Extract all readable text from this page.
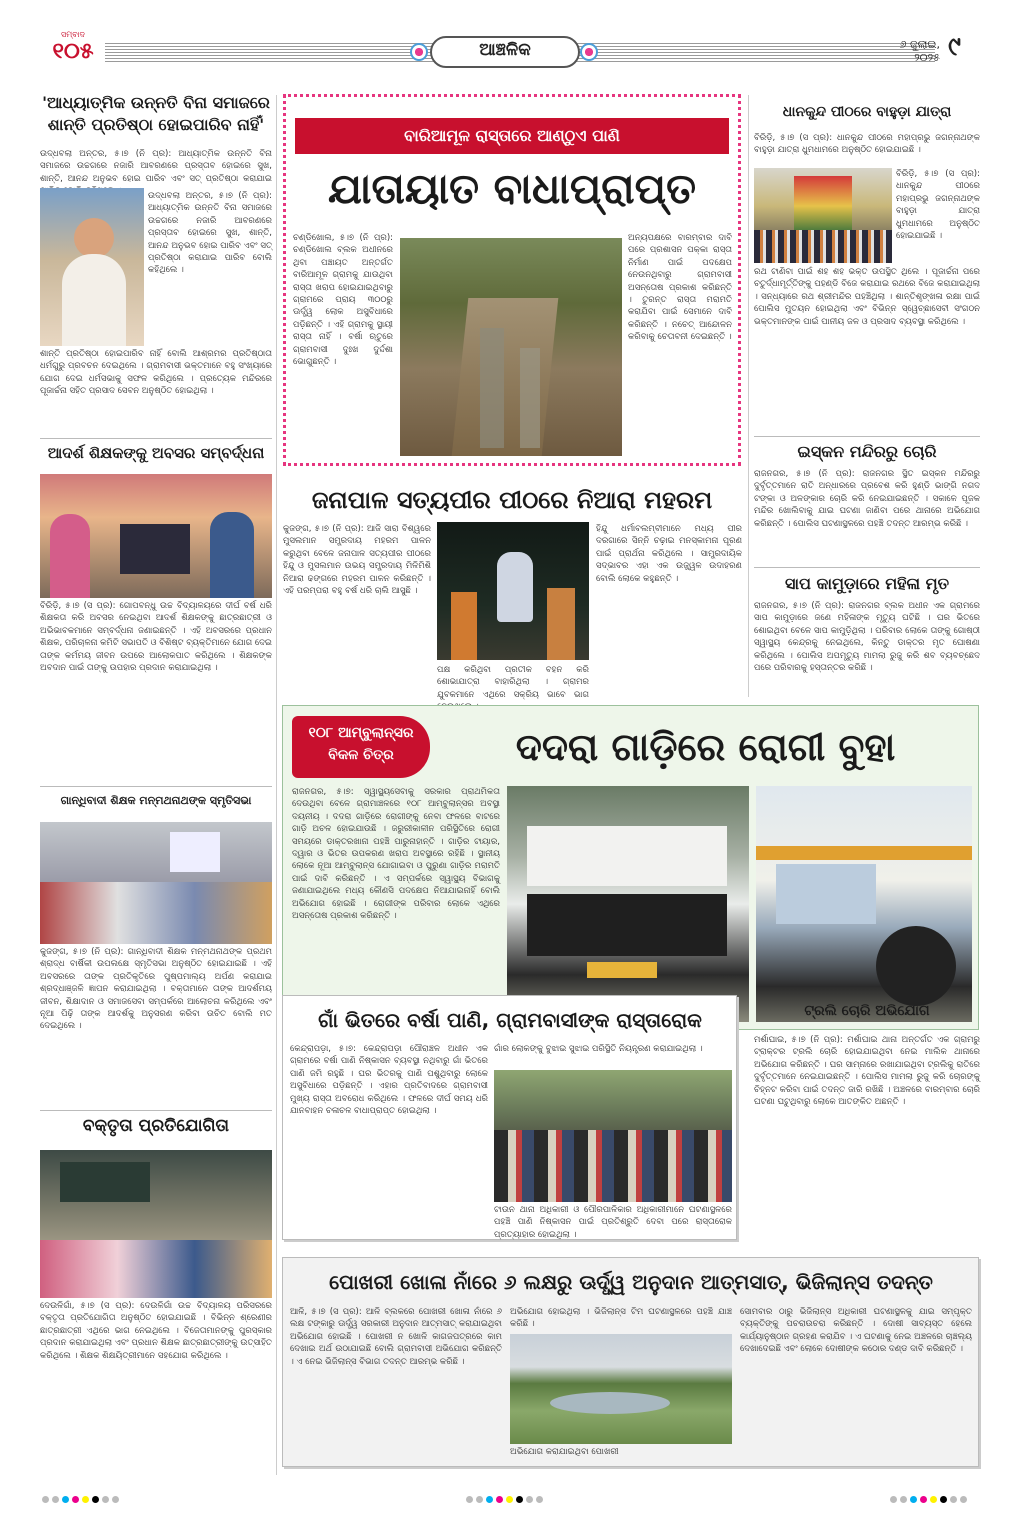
ସମ୍ବାଦ
୧୦୫	ଆଞ୍ଚଳିକ	୬ ଜୁଲାଇ,
୨୦୨୫ ୯
'ଆଧ୍ୟାତ୍ମିକ ଉନ୍ନତି ବିନା ସମାଜରେ ଶାନ୍ତି ପ୍ରତିଷ୍ଠା ହୋଇପାରିବ ନାହିଁ'
ଉଦ୍ଧବଲା ଅନ୍ତର, ୫।୭ (ନି ପ୍ର): ଆଧ୍ୟାତ୍ମିକ ଉନ୍ନତି ବିନା ସମାଜରେ ଉଚ୍ଚଗରେ ନଜାରି ଆବରଣରେ ପ୍ରସ୍ତାବ ହୋଇରେ ସୁଖ, ଶାନ୍ତି, ଆନନ୍ଦ ଅନୁଭବ ହୋଇ ପାରିବ ଏବଂ ସତ୍ ପ୍ରତିଷ୍ଠା କରାଯାଇ
ଉଦ୍ଧବଲା ଅନ୍ତର, ୫।୭ (ନି ପ୍ର): ଆଧ୍ୟାତ୍ମିକ ଉନ୍ନତି ବିନା ସମାଜରେ ଉଚ୍ଚଗରେ ନଜାରି ଆବରଣରେ ପ୍ରସ୍ତାବ ହୋଇରେ ସୁଖ, ଶାନ୍ତି, ଆନନ୍ଦ ଅନୁଭବ ହୋଇ ପାରିବ ଏବଂ ସତ୍ ପ୍ରତିଷ୍ଠା କରାଯାଇ ପାରିବ ବୋଲି କହିଥିଲେ ।
ଶାନ୍ତି ପ୍ରତିଷ୍ଠା ହୋଇପାରିବ ନାହିଁ ବୋଲି ଆଶ୍ରମର ପ୍ରତିଷ୍ଠାତା ଧର୍ମଗୁରୁ ପ୍ରବଚନ ଦେଇଥିଲେ । ଗ୍ରାମବାସୀ ଭକ୍ତମାନେ ବହୁ ସଂଖ୍ୟାରେ ଯୋଗ ଦେଇ ଧର୍ମସଭାକୁ ସଫଳ କରିଥିଲେ । ପ୍ରତ୍ୟେକ ମନ୍ଦିରରେ ପୂଜାର୍ଚ୍ଚନା ସହିତ ପ୍ରସାଦ ସେବନ ଅନୁଷ୍ଠିତ ହୋଇଥିଲା ।
ଆଦର୍ଶ ଶିକ୍ଷକଙ୍କୁ ଅବସର ସମ୍ବର୍ଦ୍ଧନା
ବିରିଡ଼ି, ୫।୭ (ସ ପ୍ର): ଗୋପବନ୍ଧୁ ଉଚ୍ଚ ବିଦ୍ୟାଳୟରେ ଦୀର୍ଘ ବର୍ଷ ଧରି ଶିକ୍ଷକତା କରି ଅବସର ନେଇଥିବା ଆଦର୍ଶ ଶିକ୍ଷକଙ୍କୁ ଛାତ୍ରଛାତ୍ରୀ ଓ ଅଭିଭାବକମାନେ ସମ୍ବର୍ଦ୍ଧନା ଜଣାଇଛନ୍ତି । ଏହି ଅବସରରେ ପ୍ରଧାନ ଶିକ୍ଷକ, ପରିଚାଳନା କମିଟି ସଭାପତି ଓ ବିଶିଷ୍ଟ ବ୍ୟକ୍ତିମାନେ ଯୋଗ ଦେଇ ତାଙ୍କ କର୍ମମୟ ଜୀବନ ଉପରେ ଆଲୋକପାତ କରିଥିଲେ । ଶିକ୍ଷକଙ୍କ ଅବଦାନ ପାଇଁ ତାଙ୍କୁ ଉପହାର ପ୍ରଦାନ କରାଯାଇଥିଲା ।
ଗାନ୍ଧିବାଦୀ ଶିକ୍ଷକ ମନ୍ମଥନାଥଙ୍କ ସ୍ମୃତିସଭା
କୁଜଙ୍ଗ, ୫।୭ (ନି ପ୍ର): ଗାନ୍ଧିବାଦୀ ଶିକ୍ଷକ ମନ୍ମଥନାଥଙ୍କ ପ୍ରଥମ ଶ୍ରାଦ୍ଧ ବାର୍ଷିକୀ ଉପଲକ୍ଷେ ସ୍ମୃତିସଭା ଅନୁଷ୍ଠିତ ହୋଇଯାଇଛି । ଏହି ଅବସରରେ ତାଙ୍କ ପ୍ରତିକୃତିରେ ପୁଷ୍ପମାଲ୍ୟ ଅର୍ପଣ କରାଯାଇ ଶ୍ରଦ୍ଧାଞ୍ଜଳି ଜ୍ଞାପନ କରାଯାଇଥିଲା । ବକ୍ତାମାନେ ତାଙ୍କ ଆଦର୍ଶମୟ ଜୀବନ, ଶିକ୍ଷାଦାନ ଓ ସମାଜସେବା ସମ୍ପର୍କରେ ଆଲୋଚନା କରିଥିଲେ ଏବଂ ନୂଆ ପିଢ଼ି ତାଙ୍କ ଆଦର୍ଶକୁ ଅନୁସରଣ କରିବା ଉଚିତ ବୋଲି ମତ ଦେଇଥିଲେ ।
ବକ୍ତୃତା ପ୍ରତିଯୋଗିତା
ଦେଉଳିଗାଁ, ୫।୭ (ସ ପ୍ର): ଦେଉଳିଗାଁ ଉଚ୍ଚ ବିଦ୍ୟାଳୟ ପରିସରରେ ବକ୍ତୃତା ପ୍ରତିଯୋଗିତା ଅନୁଷ୍ଠିତ ହୋଇଯାଇଛି । ବିଭିନ୍ନ ଶ୍ରେଣୀର ଛାତ୍ରଛାତ୍ରୀ ଏଥିରେ ଭାଗ ନେଇଥିଲେ । ବିଜେତାମାନଙ୍କୁ ପୁରସ୍କାର ପ୍ରଦାନ କରାଯାଇଥିଲା ଏବଂ ପ୍ରଧାନ ଶିକ୍ଷକ ଛାତ୍ରଛାତ୍ରୀଙ୍କୁ ଉତ୍ସାହିତ କରିଥିଲେ । ଶିକ୍ଷକ ଶିକ୍ଷୟିତ୍ରୀମାନେ ସହଯୋଗ କରିଥିଲେ ।
ବାରିଆମୂଳ ରାସ୍ତାରେ ଆଣ୍ଠୁଏ ପାଣି
ଯାତାୟାତ ବାଧାପ୍ରାପ୍ତ
ଚଣ୍ଡିଖୋଲ, ୫।୭ (ନି ପ୍ର): ଚଣ୍ଡିଖୋଲ ବ୍ଲକ ଅଧୀନରେ ଥିବା ପଞ୍ଚାୟତ ଅନ୍ତର୍ଗତ ବାରିଆମୂଳ ଗ୍ରାମକୁ ଯାଉଥିବା ରାସ୍ତା ଖରାପ ହୋଇଯାଇଥିବାରୁ ଗ୍ରାମରେ ପ୍ରାୟ ୩୦୦ରୁ ଊର୍ଦ୍ଧ୍ୱ ଲୋକ ଅସୁବିଧାରେ ପଡ଼ିଛନ୍ତି । ଏହି ଗ୍ରାମକୁ ସ୍ଥାୟୀ ରାସ୍ତା ନାହିଁ । ବର୍ଷା ଋତୁରେ ଗ୍ରାମବାସୀ ଦୁଃଖ ଦୁର୍ଦ୍ଦଶା ଭୋଗୁଛନ୍ତି ।
ଅନ୍ୟପକ୍ଷରେ ବାରମ୍ବାର ଦାବି ପରେ ପ୍ରଶାସନ ପକ୍କା ରାସ୍ତା ନିର୍ମାଣ ପାଇଁ ପଦକ୍ଷେପ ନେଉନଥିବାରୁ ଗ୍ରାମବାସୀ ଅସନ୍ତୋଷ ପ୍ରକାଶ କରିଛନ୍ତି । ତୁରନ୍ତ ରାସ୍ତା ମରାମତି କରାଯିବା ପାଇଁ ସେମାନେ ଦାବି କରିଛନ୍ତି । ନଚେତ୍ ଆନ୍ଦୋଳନ କରିବାକୁ ଚେତାବନୀ ଦେଇଛନ୍ତି ।
ଜନାପାଳ ସତ୍ୟପୀର ପୀଠରେ ନିଆରା ମହରମ
କୁଜଙ୍ଗ, ୫।୭ (ନି ପ୍ର): ଆଜି ସାରା ବିଶ୍ୱରେ ମୁସଲମାନ ସମ୍ପ୍ରଦାୟ ମହରମ ପାଳନ କରୁଥିବା ବେଳେ ଜନାପାଳ ସତ୍ୟପୀର ପୀଠରେ ହିନ୍ଦୁ ଓ ମୁସଲମାନ ଉଭୟ ସମ୍ପ୍ରଦାୟ ମିଳିମିଶି ନିଆରା ଢଙ୍ଗରେ ମହରମ ପାଳନ କରିଛନ୍ତି । ଏହି ପରମ୍ପରା ବହୁ ବର୍ଷ ଧରି ଚାଲି ଆସୁଛି ।
ପକ୍ଷ କରିଥିବା ପ୍ରତୀକ ବହନ କରି ଶୋଭାଯାତ୍ରା ବାହାରିଥିଲା । ଗ୍ରାମର ଯୁବକମାନେ ଏଥିରେ ସକ୍ରିୟ ଭାବେ ଭାଗ
ହିନ୍ଦୁ ଧର୍ମାବଲମ୍ବୀମାନେ ମଧ୍ୟ ପୀର ଦରଗାରେ ସିନ୍ନି ଚଢ଼ାଇ ମନସ୍କାମନା ପୂରଣ ପାଇଁ ପ୍ରାର୍ଥନା କରିଥିଲେ । ସାମ୍ପ୍ରଦାୟିକ ସଦ୍ଭାବର ଏହା ଏକ ଉଜ୍ଜ୍ୱଳ ଉଦାହରଣ ବୋଲି ଲୋକେ କହୁଛନ୍ତି ।
ଧାନକୁନ୍ଦ ପୀଠରେ ବାହୁଡ଼ା ଯାତ୍ରା
ବିରିଡ଼ି, ୫।୭ (ସ ପ୍ର): ଧାନକୁନ୍ଦ ପୀଠରେ ମହାପ୍ରଭୁ ଜଗନ୍ନାଥଙ୍କ ବାହୁଡ଼ା ଯାତ୍ରା ଧୁମଧାମରେ ଅନୁଷ୍ଠିତ ହୋଇଯାଇଛି ।
ବିରିଡ଼ି, ୫।୭ (ସ ପ୍ର): ଧାନକୁନ୍ଦ ପୀଠରେ ମହାପ୍ରଭୁ ଜଗନ୍ନାଥଙ୍କ ବାହୁଡ଼ା ଯାତ୍ରା ଧୁମଧାମରେ ଅନୁଷ୍ଠିତ ହୋଇଯାଇଛି ।
ରଥ ଟାଣିବା ପାଇଁ ଶହ ଶହ ଭକ୍ତ ଉପସ୍ଥିତ ଥିଲେ । ପୂଜାର୍ଚ୍ଚନା ପରେ ଚତୁର୍ଦ୍ଧାମୂର୍ତ୍ତିଙ୍କୁ ପହଣ୍ଡି ବିଜେ କରାଯାଇ ରଥରେ ବିଜେ କରାଯାଇଥିଲା । ସନ୍ଧ୍ୟାରେ ରଥ ଶ୍ରୀମନ୍ଦିର ପହଞ୍ଚିଥିଲା । ଶାନ୍ତିଶୃଙ୍ଖଳା ରକ୍ଷା ପାଇଁ ପୋଲିସ ମୁତୟନ ହୋଇଥିଲା ଏବଂ ବିଭିନ୍ନ ସ୍ୱେଚ୍ଛାସେବୀ ସଂଗଠନ ଭକ୍ତମାନଙ୍କ ପାଇଁ ପାନୀୟ ଜଳ ଓ ପ୍ରସାଦ ବ୍ୟବସ୍ଥା କରିଥିଲେ ।
ଇସ୍କନ ମନ୍ଦିରରୁ ଚୋରି
ରାଜନଗର, ୫।୭ (ନି ପ୍ର): ରାଜନଗର ସ୍ଥିତ ଇସ୍କନ ମନ୍ଦିରରୁ ଦୁର୍ବୃତ୍ତମାନେ ରାତି ଅନ୍ଧାରରେ ପ୍ରବେଶ କରି ହୁଣ୍ଡି ଭାଙ୍ଗି ନଗଦ ଟଙ୍କା ଓ ଅଳଙ୍କାର ଚୋରି କରି ନେଇଯାଇଛନ୍ତି । ସକାଳେ ପୂଜକ ମନ୍ଦିର ଖୋଲିବାକୁ ଯାଇ ଘଟଣା ଜାଣିବା ପରେ ଥାନାରେ ଅଭିଯୋଗ କରିଛନ୍ତି । ପୋଲିସ ଘଟଣାସ୍ଥଳରେ ପହଞ୍ଚି ତଦନ୍ତ ଆରମ୍ଭ କରିଛି ।
ସାପ କାମୁଡ଼ାରେ ମହିଳା ମୃତ
ରାଜନଗର, ୫।୭ (ନି ପ୍ର): ରାଜନଗର ବ୍ଲକ ଅଧୀନ ଏକ ଗ୍ରାମରେ ସାପ କାମୁଡ଼ାରେ ଜଣେ ମହିଳାଙ୍କ ମୃତ୍ୟୁ ଘଟିଛି । ଘର ଭିତରେ ଶୋଇଥିବା ବେଳେ ସାପ କାମୁଡ଼ିଥିଲା । ପରିବାର ଲୋକେ ତାଙ୍କୁ ଗୋଷ୍ଠୀ ସ୍ୱାସ୍ଥ୍ୟ କେନ୍ଦ୍ରକୁ ନେଇଥିଲେ, କିନ୍ତୁ ଡାକ୍ତର ମୃତ ଘୋଷଣା କରିଥିଲେ । ପୋଲିସ ଅପମୃତ୍ୟୁ ମାମଲା ରୁଜୁ କରି ଶବ ବ୍ୟବଚ୍ଛେଦ ପରେ ପରିବାରକୁ ହସ୍ତାନ୍ତର କରିଛି ।
୧୦୮ ଆମ୍ବୁଲାନ୍ସର
ବିକଳ ଚିତ୍ର	ଦଦରା ଗାଡ଼ିରେ ରୋଗୀ ବୁହା
ରାଜନଗର, ୫।୭: ସ୍ୱାସ୍ଥ୍ୟସେବାକୁ ସରକାର ପ୍ରାଥମିକତା ଦେଉଥିବା ବେଳେ ଗ୍ରାମାଞ୍ଚଳରେ ୧୦୮ ଆମ୍ବୁଲାନ୍ସର ଅବସ୍ଥା ଦୟନୀୟ । ଦଦରା ଗାଡ଼ିରେ ରୋଗୀଙ୍କୁ ନେବା ଫଳରେ ବାଟରେ ଗାଡ଼ି ଅଚଳ ହୋଇଯାଉଛି । ଜରୁରୀକାଳୀନ ପରିସ୍ଥିତିରେ ରୋଗୀ ସମୟରେ ଡାକ୍ତରଖାନା ପହଞ୍ଚି ପାରୁନାହାନ୍ତି । ଗାଡ଼ିର ଟାୟାର, ଦ୍ୱାର ଓ ଭିତର ଉପକରଣ ଖରାପ ଅବସ୍ଥାରେ ରହିଛି । ସ୍ଥାନୀୟ ଲୋକେ ନୂଆ ଆମ୍ବୁଲାନ୍ସ ଯୋଗାଇବା ଓ ପୁରୁଣା ଗାଡ଼ିର ମରାମତି ପାଇଁ ଦାବି କରିଛନ୍ତି । ଏ ସମ୍ପର୍କରେ ସ୍ୱାସ୍ଥ୍ୟ ବିଭାଗକୁ ଜଣାଯାଇଥିଲେ ମଧ୍ୟ କୌଣସି ପଦକ୍ଷେପ ନିଆଯାଇନାହିଁ ବୋଲି ଅଭିଯୋଗ ହୋଇଛି । ରୋଗୀଙ୍କ ପରିବାର ଲୋକେ ଏଥିରେ ଅସନ୍ତୋଷ ପ୍ରକାଶ କରିଛନ୍ତି ।
ଗାଁ ଭିତରେ ବର୍ଷା ପାଣି, ଗ୍ରାମବାସୀଙ୍କ ରାସ୍ତାରୋକ
କେନ୍ଦ୍ରାପଡ଼ା, ୫।୭: କେନ୍ଦ୍ରାପଡ଼ା ପୌରାଞ୍ଚଳ ଅଧୀନ ଏକ ଗ୍ରାମରେ ବର୍ଷା ପାଣି ନିଷ୍କାସନ ବ୍ୟବସ୍ଥା ନଥିବାରୁ ଗାଁ ଭିତରେ ପାଣି ଜମି ରହୁଛି । ଘର ଭିତରକୁ ପାଣି ପଶୁଥିବାରୁ ଲୋକେ ଅସୁବିଧାରେ ପଡ଼ିଛନ୍ତି । ଏହାର ପ୍ରତିବାଦରେ ଗ୍ରାମବାସୀ ମୁଖ୍ୟ ରାସ୍ତା ଅବରୋଧ କରିଥିଲେ । ଫଳରେ ଦୀର୍ଘ ସମୟ ଧରି ଯାନବାହନ ଚଳାଚଳ ବାଧାପ୍ରାପ୍ତ ହୋଇଥିଲା ।
ଗାଁର ଲୋକଙ୍କୁ ବୁଝାଇ ସୁଝାଇ ପରିସ୍ଥିତି ନିୟନ୍ତ୍ରଣ କରାଯାଇଥିଲା ।
ଟାଉନ ଥାନା ଅଧିକାରୀ ଓ ପୌରପାଳିକାର ଅଧିକାରୀମାନେ ଘଟଣାସ୍ଥଳରେ ପହଞ୍ଚି ପାଣି ନିଷ୍କାସନ ପାଇଁ ପ୍ରତିଶ୍ରୁତି ଦେବା ପରେ ରାସ୍ତାରୋକ ପ୍ରତ୍ୟାହାର ହୋଇଥିଲା ।
ଟ୍ରଲି ଚୋରି ଅଭିଯୋଗ
ମର୍ଶାଘାଇ, ୫।୭ (ନି ପ୍ର): ମର୍ଶାଘାଇ ଥାନା ଅନ୍ତର୍ଗତ ଏକ ଗ୍ରାମରୁ ଟ୍ରାକ୍ଟର ଟ୍ରଲି ଚୋରି ହୋଇଯାଇଥିବା ନେଇ ମାଲିକ ଥାନାରେ ଅଭିଯୋଗ କରିଛନ୍ତି । ଘର ସାମ୍ନାରେ ରଖାଯାଇଥିବା ଟ୍ରଲିକୁ ରାତିରେ ଦୁର୍ବୃତ୍ତମାନେ ନେଇଯାଇଛନ୍ତି । ପୋଲିସ ମାମଲା ରୁଜୁ କରି ଚୋରଙ୍କୁ ଚିହ୍ନଟ କରିବା ପାଇଁ ତଦନ୍ତ ଜାରି ରଖିଛି । ଅଞ୍ଚଳରେ ବାରମ୍ବାର ଚୋରି ଘଟଣା ଘଟୁଥିବାରୁ ଲୋକେ ଆତଙ୍କିତ ଅଛନ୍ତି ।
ପୋଖରୀ ଖୋଳା ନାଁରେ ୬ ଲକ୍ଷରୁ ଊର୍ଦ୍ଧ୍ୱ ଅନୁଦାନ ଆତ୍ମସାତ୍, ଭିଜିଲାନ୍ସ ତଦନ୍ତ
ଆଳି, ୫।୭ (ସ ପ୍ର): ଆଳି ବ୍ଲକରେ ପୋଖରୀ ଖୋଳା ନାଁରେ ୬ ଲକ୍ଷ ଟଙ୍କାରୁ ଊର୍ଦ୍ଧ୍ୱ ସରକାରୀ ଅନୁଦାନ ଆତ୍ମସାତ୍ କରାଯାଇଥିବା ଅଭିଯୋଗ ହୋଇଛି । ପୋଖରୀ ନ ଖୋଳି କାଗଜପତ୍ରରେ କାମ ଦେଖାଇ ଅର୍ଥ ଉଠାଯାଇଛି ବୋଲି ଗ୍ରାମବାସୀ ଅଭିଯୋଗ କରିଛନ୍ତି । ଏ ନେଇ ଭିଜିଲାନ୍ସ ବିଭାଗ ତଦନ୍ତ ଆରମ୍ଭ କରିଛି ।
ଅଭିଯୋଗ ହୋଇଥିଲା । ଭିଜିଲାନ୍ସ ଟିମ ଘଟଣାସ୍ଥଳରେ ପହଞ୍ଚି ଯାଞ୍ଚ କରିଛି ।
ଅଭିଯୋଗ କରାଯାଇଥିବା ପୋଖରୀ
ସୋମବାର ଠାରୁ ଭିଜିଲାନ୍ସ ଅଧିକାରୀ ଘଟଣାସ୍ଥଳକୁ ଯାଇ ସମ୍ପୃକ୍ତ ବ୍ୟକ୍ତିଙ୍କୁ ପଚରାଉଚରା କରିଛନ୍ତି । ଦୋଷୀ ସାବ୍ୟସ୍ତ ହେଲେ କାର୍ଯ୍ୟାନୁଷ୍ଠାନ ଗ୍ରହଣ କରାଯିବ । ଏ ଘଟଣାକୁ ନେଇ ଅଞ୍ଚଳରେ ଚାଞ୍ଚଲ୍ୟ ଦେଖାଦେଇଛି ଏବଂ ଲୋକେ ଦୋଷୀଙ୍କ କଠୋର ଦଣ୍ଡ ଦାବି କରିଛନ୍ତି ।
